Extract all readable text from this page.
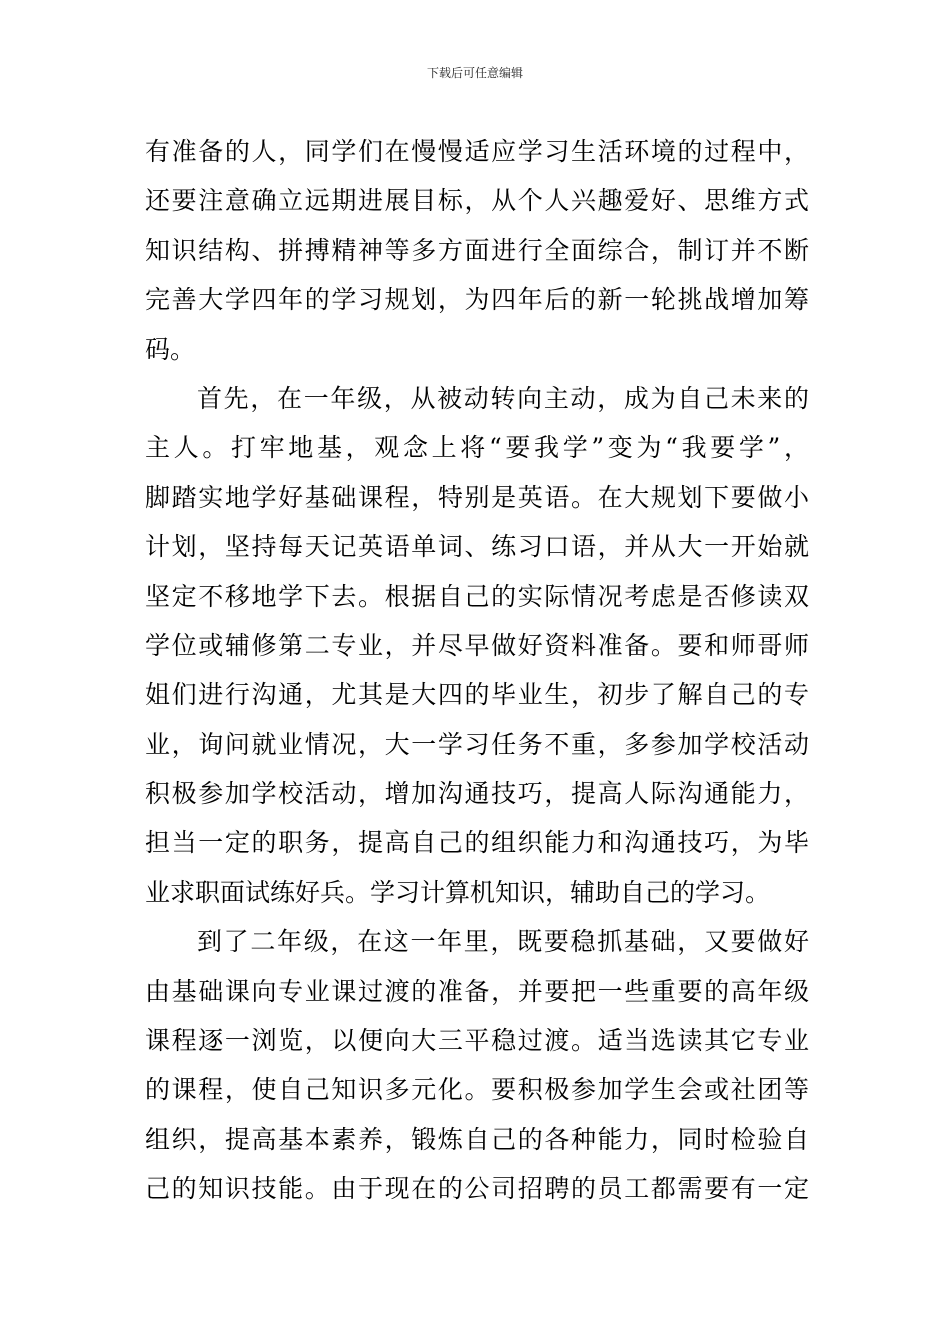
下载后可任意编辑
有准备的人，同学们在慢慢适应学习生活环境的过程中，
还要注意确立远期进展目标，从个人兴趣爱好、思维方式
知识结构、拼搏精神等多方面进行全面综合，制订并不断
完善大学四年的学习规划，为四年后的新一轮挑战增加筹
码。
首先，在一年级，从被动转向主动，成为自己未来的
主人。打牢地基，观念上将“要我学”变为“我要学”，
脚踏实地学好基础课程，特别是英语。在大规划下要做小
计划，坚持每天记英语单词、练习口语，并从大一开始就
坚定不移地学下去。根据自己的实际情况考虑是否修读双
学位或辅修第二专业，并尽早做好资料准备。要和师哥师
姐们进行沟通，尤其是大四的毕业生，初步了解自己的专
业，询问就业情况，大一学习任务不重，多参加学校活动
积极参加学校活动，增加沟通技巧，提高人际沟通能力，
担当一定的职务，提高自己的组织能力和沟通技巧，为毕
业求职面试练好兵。学习计算机知识，辅助自己的学习。
到了二年级，在这一年里，既要稳抓基础，又要做好
由基础课向专业课过渡的准备，并要把一些重要的高年级
课程逐一浏览，以便向大三平稳过渡。适当选读其它专业
的课程，使自己知识多元化。要积极参加学生会或社团等
组织，提高基本素养，锻炼自己的各种能力，同时检验自
己的知识技能。由于现在的公司招聘的员工都需要有一定
